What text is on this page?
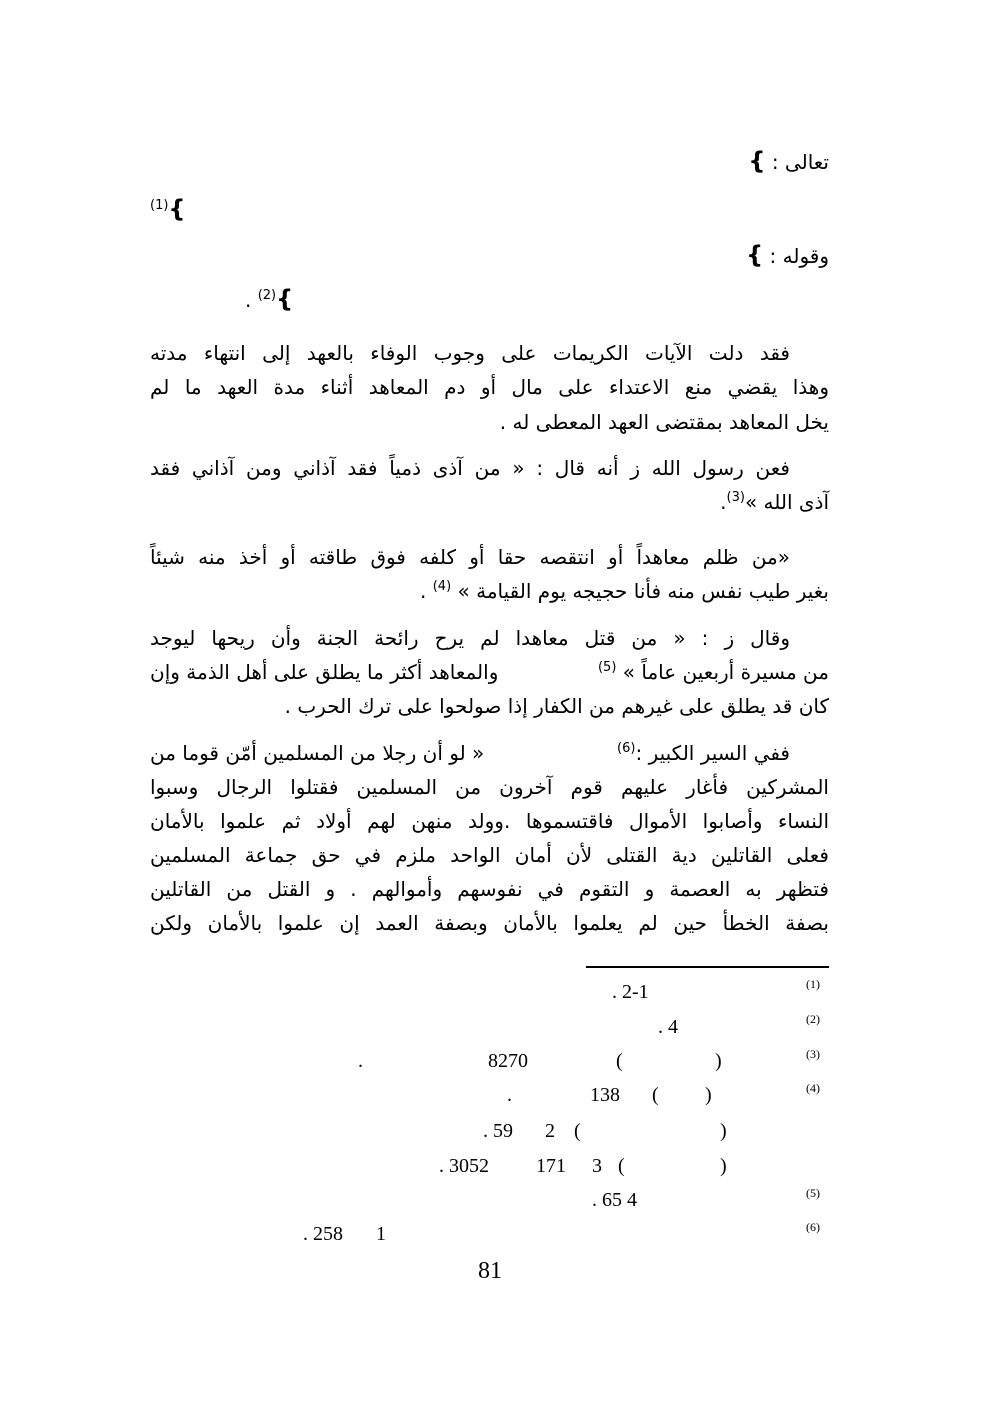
تعالى : }
$^{(1)}${
وقوله : }
. $^{(2)}${
فقد دلت الآيات الكريمات على وجوب الوفاء بالعهد إلى انتهاء مدته
وهذا يقضي منع الاعتداء على مال أو دم المعاهد أثناء مدة العهد ما لم
يخل المعاهد بمقتضى العهد المعطى له .
فعن رسول الله ز أنه قال : « من آذى ذمياً فقد آذاني ومن آذاني فقد
آذى الله »$^{(3)}$.
«من ظلم معاهداً أو انتقصه حقا أو كلفه فوق طاقته أو أخذ منه شيئاً
بغير طيب نفس منه فأنا حجيجه يوم القيامة » $^{(4)}$ .
وقال ز : « من قتل معاهدا لم يرح رائحة الجنة وأن ريحها ليوجد
من مسيرة أربعين عاماً » $^{(5)}$
والمعاهد أكثر ما يطلق على أهل الذمة وإن
كان قد يطلق على غيرهم من الكفار إذا صولحوا على ترك الحرب .
ففي السير الكبير :$^{(6)}$
« لو أن رجلا من المسلمين أمّن قوما من
المشركين فأغار عليهم قوم آخرون من المسلمين فقتلوا الرجال وسبوا
النساء وأصابوا الأموال فاقتسموها .وولد منهن لهم أولاد ثم علموا بالأمان
فعلى القاتلين دية القتلى لأن أمان الواحد ملزم في حق جماعة المسلمين
فتظهر به العصمة و التقوم في نفوسهم وأموالهم . و القتل من القاتلين
بصفة الخطأ حين لم يعلموا بالأمان وبصفة العمد إن علموا بالأمان ولكن
(1)
. 2-1
(2)
. 4
(3)
)
(
8270
.
(4)
)
(
138
.
)
(
2
. 59
)
(
3
171
. 3052
(5)
. 65 4
(6)
1
. 258
81
